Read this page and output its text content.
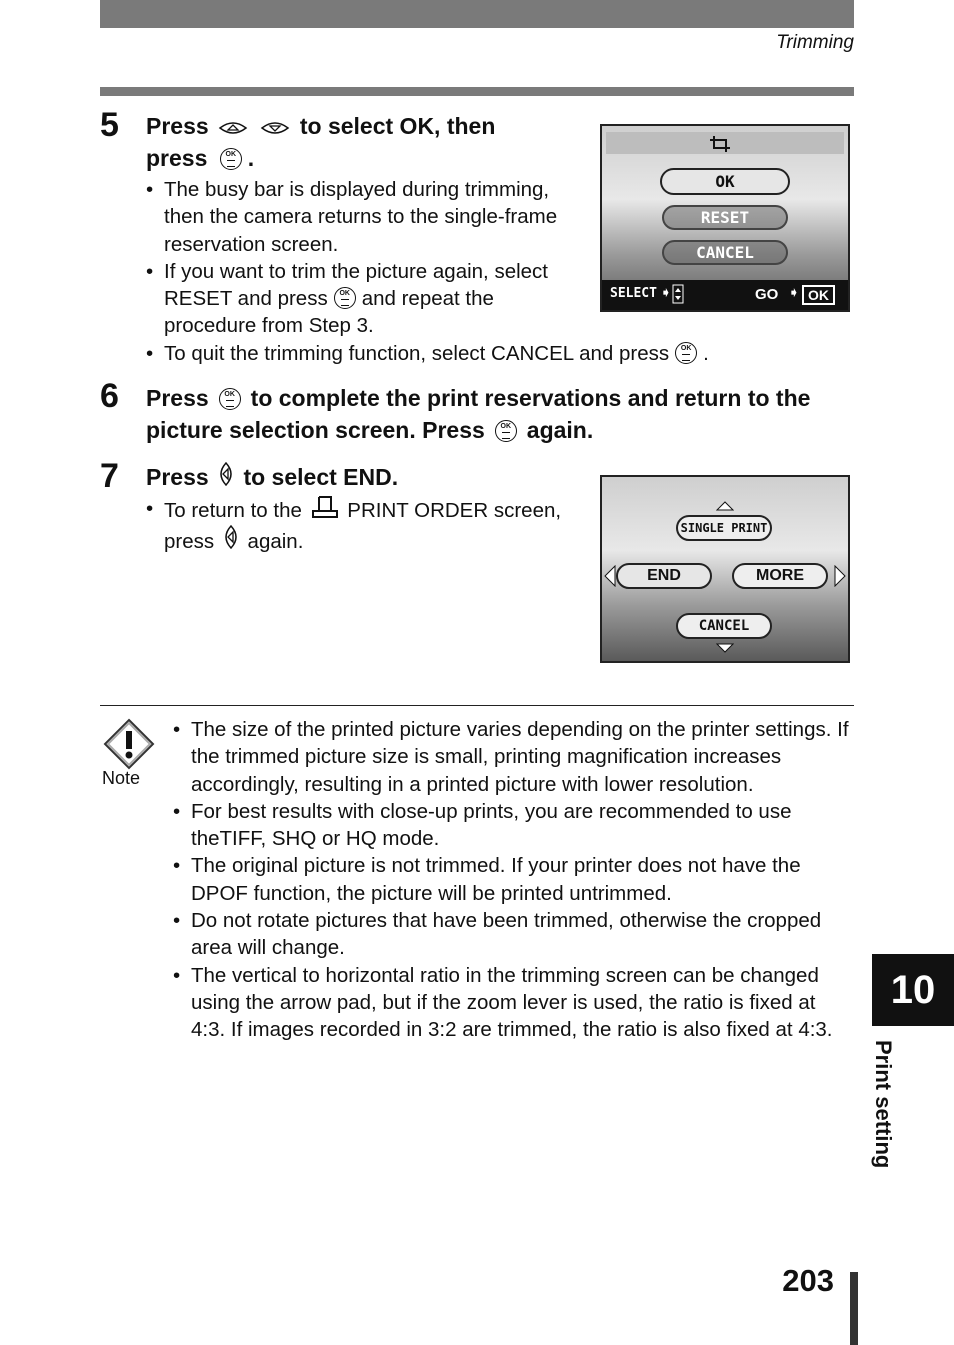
Trimming
5 Press	to select OK, then
press OK .
• The busy bar is displayed during trimming, then the camera returns to the single-frame reservation screen.
• If you want to trim the picture again, select RESET and press OK and repeat the procedure from Step 3.
• To quit the trimming function, select CANCEL and press OK .
OK
RESET
CANCEL
SELECT ➧	GO ➧ OK
6 Press OK to complete the print reservations and return to the picture selection screen. Press OK again.
7 Press to select END.
• To return to the PRINT ORDER screen, press again.
SINGLE PRINT
END	MORE
CANCEL
Note
• The size of the printed picture varies depending on the printer settings. If the trimmed picture size is small, printing magnification increases accordingly, resulting in a printed picture with lower resolution.
• For best results with close-up prints, you are recommended to use theTIFF, SHQ or HQ mode.
• The original picture is not trimmed. If your printer does not have the DPOF function, the picture will be printed untrimmed.
• Do not rotate pictures that have been trimmed, otherwise the cropped area will change.
• The vertical to horizontal ratio in the trimming screen can be changed using the arrow pad, but if the zoom lever is used, the ratio is fixed at 4:3. If images recorded in 3:2 are trimmed, the ratio is also fixed at 4:3.
10
Print setting
203
